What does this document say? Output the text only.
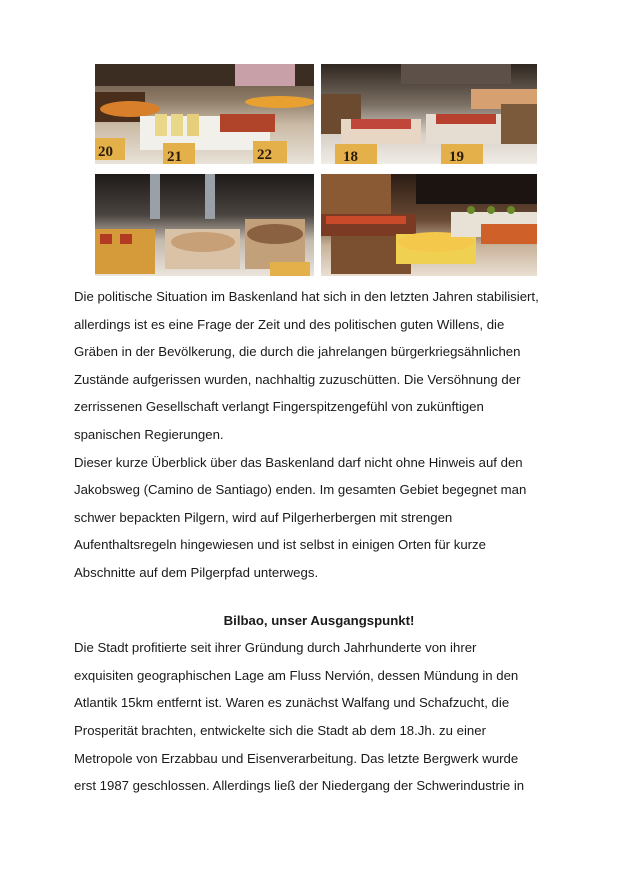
20	21	22	18	19

Die politische Situation im Baskenland hat sich in den letzten Jahren stabilisiert,

allerdings ist es eine Frage der Zeit und des politischen guten Willens, die

Gräben in der Bevölkerung, die durch die jahrelangen bürgerkriegsähnlichen

Zustände aufgerissen wurden, nachhaltig zuzuschütten. Die Versöhnung der

zerrissenen Gesellschaft verlangt Fingerspitzengefühl von zukünftigen

spanischen Regierungen.

Dieser kurze Überblick über das Baskenland darf nicht ohne Hinweis auf den

Jakobsweg (Camino de Santiago) enden. Im gesamten Gebiet begegnet man

schwer bepackten Pilgern, wird auf Pilgerherbergen mit strengen

Aufenthaltsregeln hingewiesen und ist selbst in einigen Orten für kurze

Abschnitte auf dem Pilgerpfad unterwegs.

Bilbao, unser Ausgangspunkt!

Die Stadt profitierte seit ihrer Gründung durch Jahrhunderte von ihrer

exquisiten geographischen Lage am Fluss Nervión, dessen Mündung in den

Atlantik 15km entfernt ist. Waren es zunächst Walfang und Schafzucht, die

Prosperität brachten, entwickelte sich die Stadt ab dem 18.Jh. zu einer

Metropole von Erzabbau und Eisenverarbeitung. Das letzte Bergwerk wurde

erst 1987 geschlossen. Allerdings ließ der Niedergang der Schwerindustrie in
